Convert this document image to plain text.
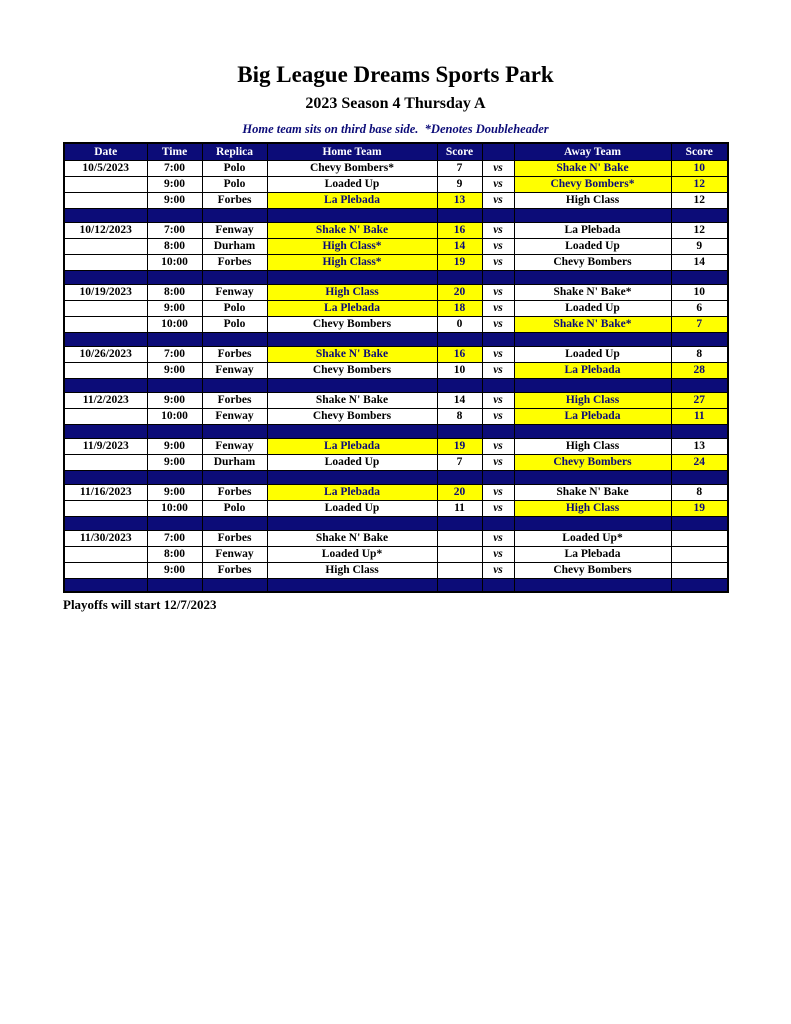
Big League Dreams Sports Park
2023 Season 4 Thursday A
Home team sits on third base side.  *Denotes Doubleheader
Date	Time	Replica	Home Team	Score		Away Team	Score
10/5/2023	7:00	Polo	Chevy Bombers*	7	vs	Shake N' Bake	10
	9:00	Polo	Loaded Up	9	vs	Chevy Bombers*	12
	9:00	Forbes	La Plebada	13	vs	High Class	12

10/12/2023	7:00	Fenway	Shake N' Bake	16	vs	La Plebada	12
	8:00	Durham	High Class*	14	vs	Loaded Up	9
	10:00	Forbes	High Class*	19	vs	Chevy Bombers	14

10/19/2023	8:00	Fenway	High Class	20	vs	Shake N' Bake*	10
	9:00	Polo	La Plebada	18	vs	Loaded Up	6
	10:00	Polo	Chevy Bombers	0	vs	Shake N' Bake*	7

10/26/2023	7:00	Forbes	Shake N' Bake	16	vs	Loaded Up	8
	9:00	Fenway	Chevy Bombers	10	vs	La Plebada	28

11/2/2023	9:00	Forbes	Shake N' Bake	14	vs	High Class	27
	10:00	Fenway	Chevy Bombers	8	vs	La Plebada	11

11/9/2023	9:00	Fenway	La Plebada	19	vs	High Class	13
	9:00	Durham	Loaded Up	7	vs	Chevy Bombers	24

11/16/2023	9:00	Forbes	La Plebada	20	vs	Shake N' Bake	8
	10:00	Polo	Loaded Up	11	vs	High Class	19

11/30/2023	7:00	Forbes	Shake N' Bake		vs	Loaded Up*	
	8:00	Fenway	Loaded Up*		vs	La Plebada	
	9:00	Forbes	High Class		vs	Chevy Bombers	

Playoffs will start 12/7/2023
